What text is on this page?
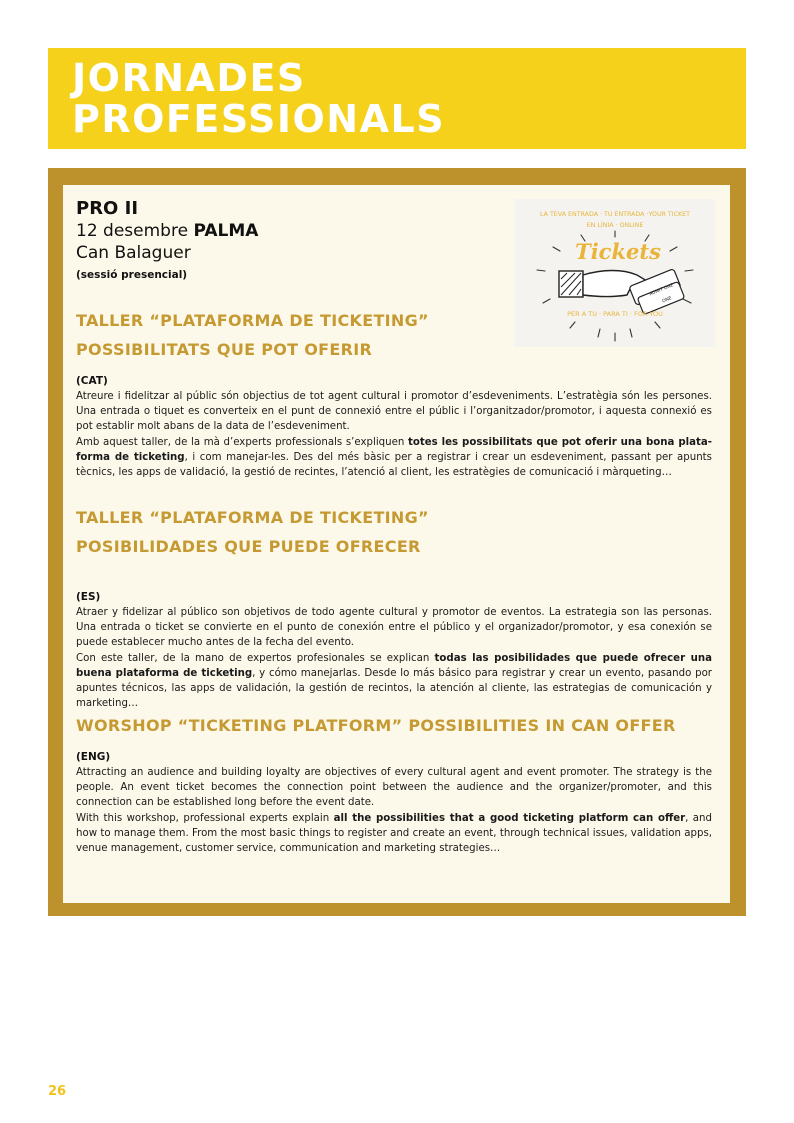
JORNADES
PROFESSIONALS
PRO II
12 desembre PALMA
Can Balaguer
(sessió presencial)
LA TEVA ENTRADA · TU ENTRADA ·YOUR TICKET
EN LÍNIA · ONLINE
Tickets
ADMIT ONE
ONE
PER A TU · PARA TI · FOR YOU
TALLER “PLATAFORMA DE TICKETING”
POSSIBILITATS QUE POT OFERIR
(CAT)
Atreure i fidelitzar al públic són objectius de tot agent cultural i promotor d’esdeveniments. L’estratègia són les persones. Una entrada o tiquet es converteix en el punt de connexió entre el públic i l’organitzador/promotor, i aquesta connexió es pot establir molt abans de la data de l’esdeveniment.
Amb aquest taller, de la mà d’experts professionals s’expliquen totes les possibilitats que pot oferir una bona plataforma de ticketing, i com manejar-les. Des del més bàsic per a registrar i crear un esdeveniment, passant per apunts tècnics, les apps de validació, la gestió de recintes, l’atenció al client, les estratègies de comunicació i màrqueting…
TALLER “PLATAFORMA DE TICKETING”
POSIBILIDADES QUE PUEDE OFRECER
(ES)
Atraer y fidelizar al público son objetivos de todo agente cultural y promotor de eventos. La estrategia son las personas. Una entrada o ticket se convierte en el punto de conexión entre el público y el organizador/promotor, y esa conexión se puede establecer mucho antes de la fecha del evento.
Con este taller, de la mano de expertos profesionales se explican todas las posibilidades que puede ofrecer una buena plataforma de ticketing, y cómo manejarlas. Desde lo más básico para registrar y crear un evento, pasando por apuntes técnicos, las apps de validación, la gestión de recintos, la atención al cliente, las estrategias de comunicación y marketing…
WORSHOP “TICKETING PLATFORM” POSSIBILITIES IN CAN OFFER
(ENG)
Attracting an audience and building loyalty are objectives of every cultural agent and event promoter. The strategy is the people. An event ticket becomes the connection point between the audience and the organizer/promoter, and this connection can be established long before the event date.
With this workshop, professional experts explain all the possibilities that a good ticketing platform can offer, and how to manage them. From the most basic things to register and create an event, through technical issues, validation apps, venue management, customer service, communication and marketing strategies…
26
